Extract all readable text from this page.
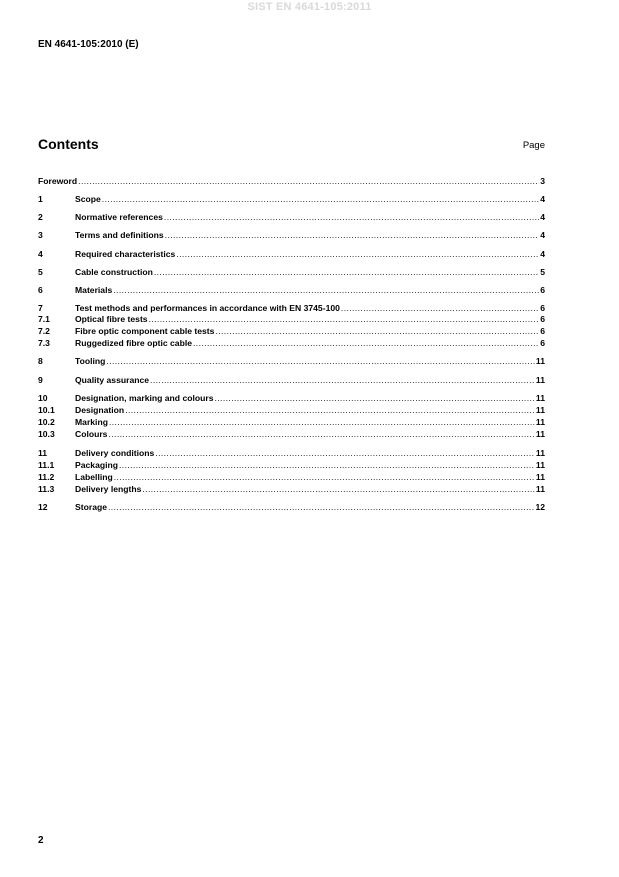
SIST EN 4641-105:2011
EN 4641-105:2010 (E)
Contents	Page
Foreword .....	3
1	Scope .....	4
2	Normative references .....	4
3	Terms and definitions .....	4
4	Required characteristics .....	4
5	Cable construction .....	5
6	Materials .....	6
7	Test methods and performances in accordance with EN 3745-100 .....	6
7.1	Optical fibre tests .....	6
7.2	Fibre optic component cable tests .....	6
7.3	Ruggedized fibre optic cable .....	6
8	Tooling .....	11
9	Quality assurance .....	11
10	Designation, marking and colours .....	11
10.1	Designation .....	11
10.2	Marking .....	11
10.3	Colours .....	11
11	Delivery conditions .....	11
11.1	Packaging .....	11
11.2	Labelling .....	11
11.3	Delivery lengths .....	11
12	Storage .....	12
2
